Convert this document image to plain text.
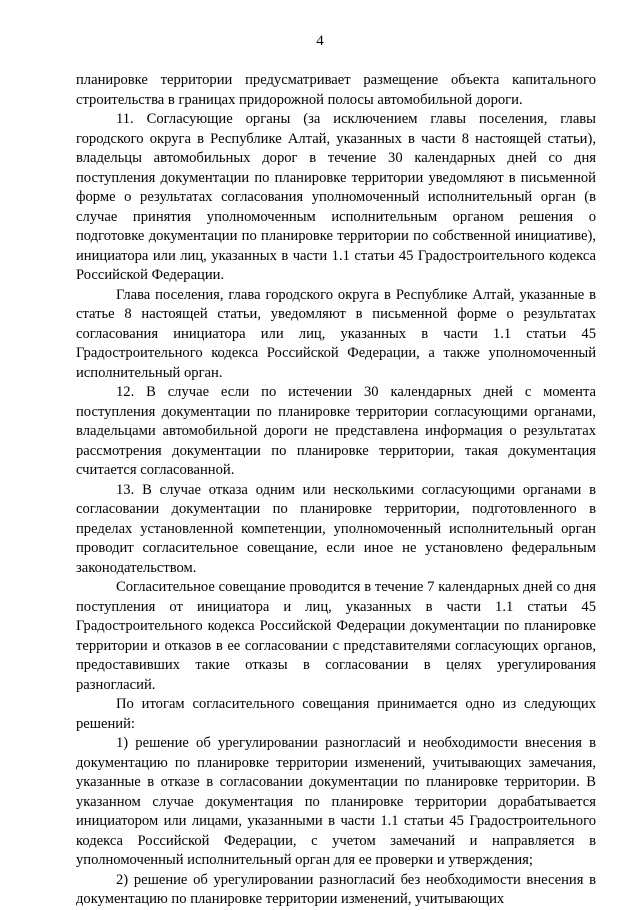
4

планировке территории предусматривает размещение объекта капитального строительства в границах придорожной полосы автомобильной дороги.

11. Согласующие органы (за исключением главы поселения, главы городского округа в Республике Алтай, указанных в части 8 настоящей статьи), владельцы автомобильных дорог в течение 30 календарных дней со дня поступления документации по планировке территории уведомляют в письменной форме о результатах согласования уполномоченный исполнительный орган (в случае принятия уполномоченным исполнительным органом решения о подготовке документации по планировке территории по собственной инициативе), инициатора или лиц, указанных в части 1.1 статьи 45 Градостроительного кодекса Российской Федерации.

Глава поселения, глава городского округа в Республике Алтай, указанные в статье 8 настоящей статьи, уведомляют в письменной форме о результатах согласования инициатора или лиц, указанных в части 1.1 статьи 45 Градостроительного кодекса Российской Федерации, а также уполномоченный исполнительный орган.

12. В случае если по истечении 30 календарных дней с момента поступления документации по планировке территории согласующими органами, владельцами автомобильной дороги не представлена информация о результатах рассмотрения документации по планировке территории, такая документация считается согласованной.

13. В случае отказа одним или несколькими согласующими органами в согласовании документации по планировке территории, подготовленного в пределах установленной компетенции, уполномоченный исполнительный орган проводит согласительное совещание, если иное не установлено федеральным законодательством.

Согласительное совещание проводится в течение 7 календарных дней со дня поступления от инициатора и лиц, указанных в части 1.1 статьи 45 Градостроительного кодекса Российской Федерации документации по планировке территории и отказов в ее согласовании с представителями согласующих органов, предоставивших такие отказы в согласовании в целях урегулирования разногласий.

По итогам согласительного совещания принимается одно из следующих решений:

1) решение об урегулировании разногласий и необходимости внесения в документацию по планировке территории изменений, учитывающих замечания, указанные в отказе в согласовании документации по планировке территории. В указанном случае документация по планировке территории дорабатывается инициатором или лицами, указанными в части 1.1 статьи 45 Градостроительного кодекса Российской Федерации, с учетом замечаний и направляется в уполномоченный исполнительный орган для ее проверки и утверждения;

2) решение об урегулировании разногласий без необходимости внесения в документацию по планировке территории изменений, учитывающих
